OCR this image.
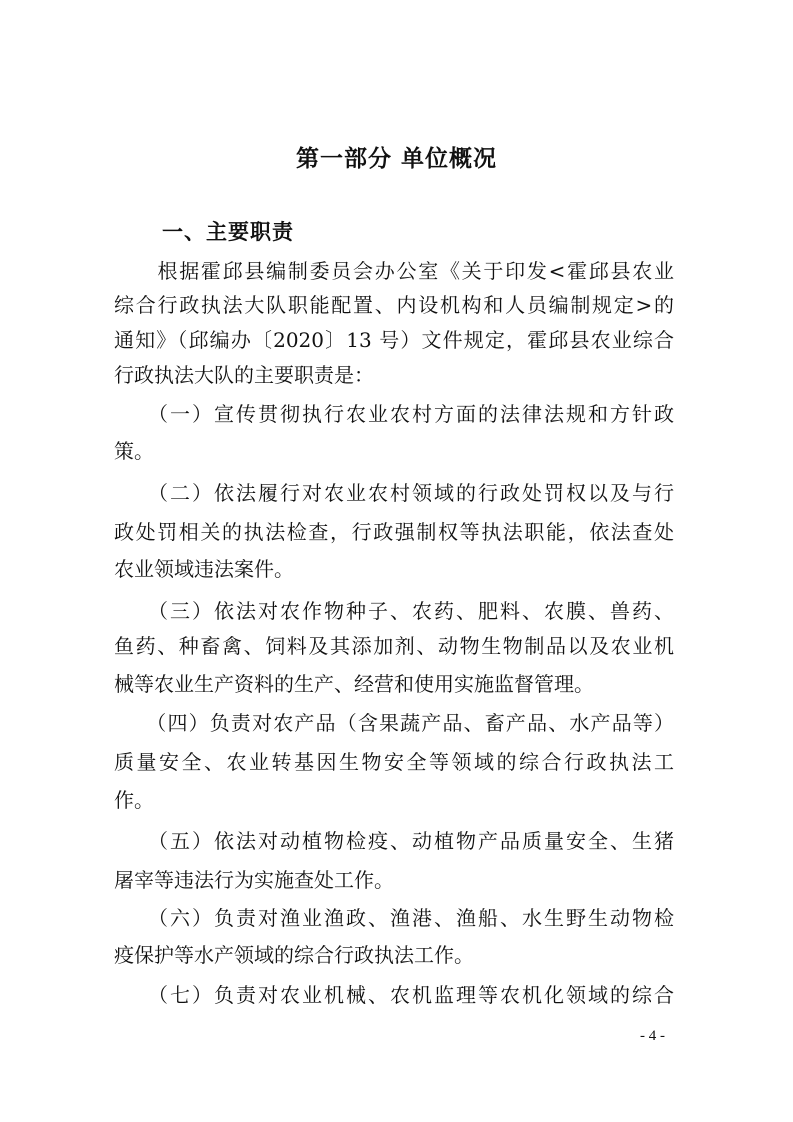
第一部分 单位概况
一、主要职责
　　根据霍邱县编制委员会办公室《关于印发<霍邱县农业
综合行政执法大队职能配置、内设机构和人员编制规定>的
通知》（邱编办〔2020〕13 号）文件规定，霍邱县农业综合
行政执法大队的主要职责是：
　　（一）宣传贯彻执行农业农村方面的法律法规和方针政
策。
　　（二）依法履行对农业农村领域的行政处罚权以及与行
政处罚相关的执法检查，行政强制权等执法职能，依法查处
农业领域违法案件。
　　（三）依法对农作物种子、农药、肥料、农膜、兽药、
鱼药、种畜禽、饲料及其添加剂、动物生物制品以及农业机
械等农业生产资料的生产、经营和使用实施监督管理。
　　（四）负责对农产品（含果蔬产品、畜产品、水产品等）
质量安全、农业转基因生物安全等领域的综合行政执法工
作。
　　（五）依法对动植物检疫、动植物产品质量安全、生猪
屠宰等违法行为实施查处工作。
　　（六）负责对渔业渔政、渔港、渔船、水生野生动物检
疫保护等水产领域的综合行政执法工作。
　　（七）负责对农业机械、农机监理等农机化领域的综合
- 4 -
